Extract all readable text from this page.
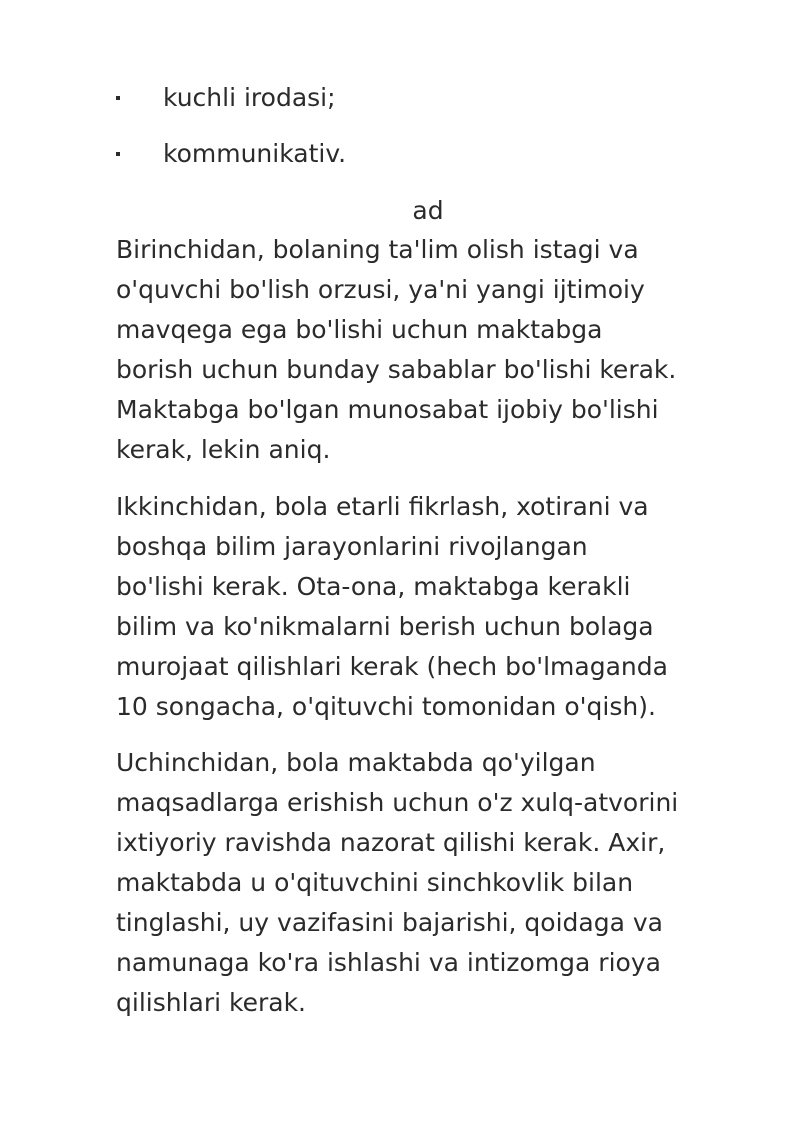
kuchli irodasi;
kommunikativ.
ad

Birinchidan, bolaning ta'lim olish istagi va
o'quvchi bo'lish orzusi, ya'ni yangi ijtimoiy
mavqega ega bo'lishi uchun maktabga
borish uchun bunday sabablar bo'lishi kerak.
Maktabga bo'lgan munosabat ijobiy bo'lishi
kerak, lekin aniq.

Ikkinchidan, bola etarli fikrlash, xotirani va
boshqa bilim jarayonlarini rivojlangan
bo'lishi kerak. Ota-ona, maktabga kerakli
bilim va ko'nikmalarni berish uchun bolaga
murojaat qilishlari kerak (hech bo'lmaganda
10 songacha, o'qituvchi tomonidan o'qish).

Uchinchidan, bola maktabda qo'yilgan
maqsadlarga erishish uchun o'z xulq-atvorini
ixtiyoriy ravishda nazorat qilishi kerak. Axir,
maktabda u o'qituvchini sinchkovlik bilan
tinglashi, uy vazifasini bajarishi, qoidaga va
namunaga ko'ra ishlashi va intizomga rioya
qilishlari kerak.
